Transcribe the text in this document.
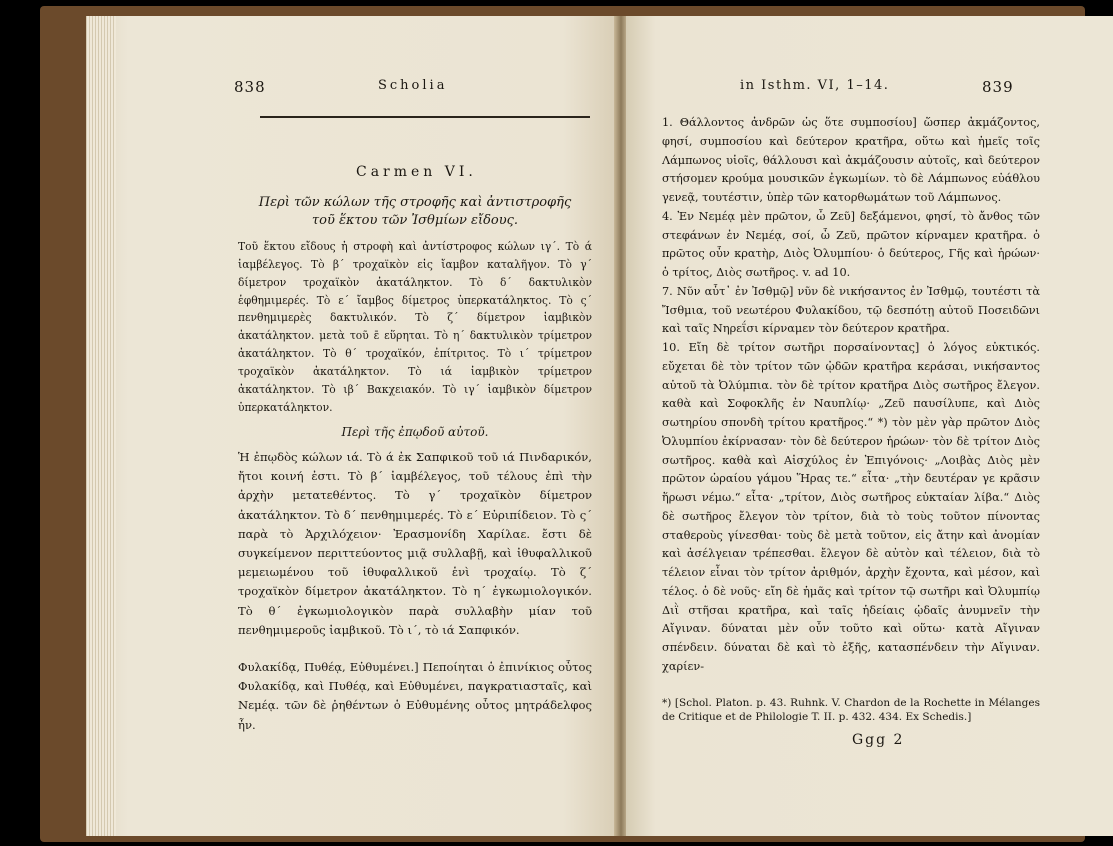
838	Scholia
Carmen VI.
Περὶ τῶν κώλων τῆς στροφῆς καὶ ἀντιστροφῆς
τοῦ ἕκτου τῶν Ἰσθμίων εἴδους.
Τοῦ ἕκτου εἴδους ἡ στροφὴ καὶ ἀντίστροφος κώλων ιγ΄. Τὸ ά ἰαμβέλεγος. Τὸ β΄ τροχαϊκὸν εἰς ἴαμβον καταλῆγον. Τὸ γ΄ δίμετρον τροχαϊκὸν ἀκατάληκτον. Τὸ δ΄ δακτυλικὸν ἑφθημιμερές. Τὸ ε΄ ἴαμβος δίμετρος ὑπερκατάληκτος. Τὸ ς΄ πενθημιμερὲς δακτυλικόν. Τὸ ζ΄ δίμετρον ἰαμβικὸν ἀκατάληκτον. μετὰ τοῦ ε̄ εὕρηται. Τὸ η΄ δακτυλικὸν τρίμετρον ἀκατάληκτον. Τὸ θ΄ τροχαϊκόν, ἐπίτριτος. Τὸ ι΄ τρίμετρον τροχαϊκὸν ἀκατάληκτον. Τὸ ιά ἰαμβικὸν τρίμετρον ἀκατάληκτον. Τὸ ιβ΄ Βακχειακόν. Τὸ ιγ΄ ἰαμβικὸν δίμετρον ὑπερκατάληκτον.
Περὶ τῆς ἐπῳδοῦ αὐτοῦ.
Ἡ ἐπῳδὸς κώλων ιά. Τὸ ά ἐκ Σαπφικοῦ τοῦ ιά Πινδαρικόν, ἤτοι κοινή ἐστι. Τὸ β΄ ἰαμβέλεγος, τοῦ τέλους ἐπὶ τὴν ἀρχὴν μετατεθέντος. Τὸ γ΄ τροχαϊκὸν δίμετρον ἀκατάληκτον. Τὸ δ΄ πενθημιμερές. Τὸ ε΄ Εὐριπίδειον. Τὸ ς΄ παρὰ τὸ Ἀρχιλόχειον· Ἐρασμονίδη Χαρίλαε. ἔστι δὲ συγκείμενον περιττεύοντος μιᾷ συλλαβῇ, καὶ ἰθυφαλλικοῦ μεμειωμένου τοῦ ἰθυφαλλικοῦ ἑνὶ τροχαίῳ. Τὸ ζ΄ τροχαϊκὸν δίμετρον ἀκατάληκτον. Τὸ η΄ ἐγκωμιολογικόν. Τὸ θ΄ ἐγκωμιολογικὸν παρὰ συλλαβὴν μίαν τοῦ πενθημιμεροῦς ἰαμβικοῦ. Τὸ ι΄, τὸ ιά Σαπφικόν.
Φυλακίδᾳ, Πυθέᾳ, Εὐθυμένει.] Πεποίηται ὁ ἐπινίκιος οὗτος Φυλακίδᾳ, καὶ Πυθέᾳ, καὶ Εὐθυμένει, παγκρατιασταῖς, καὶ Νεμέᾳ. τῶν δὲ ῥηθέντων ὁ Εὐθυμένης οὗτος μητράδελφος ἦν.
in Isthm. VI, 1–14.	839
1. Θάλλοντος ἀνδρῶν ὡς ὅτε συμποσίου] ὥσπερ ἀκμάζοντος, φησί, συμποσίου καὶ δεύτερον κρατῆρα, οὕτω καὶ ἡμεῖς τοῖς Λάμπωνος υἱοῖς, θάλλουσι καὶ ἀκμάζουσιν αὐτοῖς, καὶ δεύτερον στήσομεν κρούμα μουσικῶν ἐγκωμίων. τὸ δὲ Λάμπωνος εὐάθλου γενεᾷ, τουτέστιν, ὑπὲρ τῶν κατορθωμάτων τοῦ Λάμπωνος.
4. Ἐν Νεμέᾳ μὲν πρῶτον, ὦ Ζεῦ] δεξάμενοι, φησί, τὸ ἄνθος τῶν στεφάνων ἐν Νεμέᾳ, σοί, ὦ Ζεῦ, πρῶτον κίρναμεν κρατῆρα. ὁ πρῶτος οὖν κρατὴρ, Διὸς Ὀλυμπίου· ὁ δεύτερος, Γῆς καὶ ἡρώων· ὁ τρίτος, Διὸς σωτῆρος. v. ad 10.
7. Νῦν αὖτ᾽ ἐν Ἰσθμῷ] νῦν δὲ νικήσαντος ἐν Ἰσθμῷ, τουτέστι τὰ Ἴσθμια, τοῦ νεωτέρου Φυλακίδου, τῷ δεσπότῃ αὐτοῦ Ποσειδῶνι καὶ ταῖς Νηρεΐσι κίρναμεν τὸν δεύτερον κρατῆρα.
10. Εἴη δὲ τρίτον σωτῆρι πορσαίνοντας] ὁ λόγος εὐκτικός. εὔχεται δὲ τὸν τρίτον τῶν ᾠδῶν κρατῆρα κεράσαι, νικήσαντος αὐτοῦ τὰ Ὀλύμπια. τὸν δὲ τρίτον κρατῆρα Διὸς σωτῆρος ἔλεγον. καθὰ καὶ Σοφοκλῆς ἐν Ναυπλίῳ· „Ζεῦ παυσίλυπε, καὶ Διὸς σωτηρίου σπονδὴ τρίτου κρατῆρος.“ *) τὸν μὲν γὰρ πρῶτον Διὸς Ὀλυμπίου ἐκίρνασαν· τὸν δὲ δεύτερον ἡρώων· τὸν δὲ τρίτον Διὸς σωτῆρος. καθὰ καὶ Αἰσχύλος ἐν Ἐπιγόνοις· „Λοιβὰς Διὸς μὲν πρῶτον ὡραίου γάμου Ἥρας τε.“ εἶτα· „τὴν δευτέραν γε κρᾶσιν ἥρωσι νέμω.“ εἶτα· „τρίτον, Διὸς σωτῆρος εὐκταίαν λίβα.“ Διὸς δὲ σωτῆρος ἔλεγον τὸν τρίτον, διὰ τὸ τοὺς τοῦτον πίνοντας σταθεροὺς γίνεσθαι· τοὺς δὲ μετὰ τοῦτον, εἰς ἄτην καὶ ἀνομίαν καὶ ἀσέλγειαν τρέπεσθαι. ἔλεγον δὲ αὐτὸν καὶ τέλειον, διὰ τὸ τέλειον εἶναι τὸν τρίτον ἀριθμόν, ἀρχὴν ἔχοντα, καὶ μέσον, καὶ τέλος. ὁ δὲ νοῦς· εἴη δὲ ἡμᾶς καὶ τρίτον τῷ σωτῆρι καὶ Ὀλυμπίῳ Διῒ στῆσαι κρατῆρα, καὶ ταῖς ἡδείαις ᾠδαῖς ἀνυμνεῖν τὴν Αἴγιναν. δύναται μὲν οὖν τοῦτο καὶ οὕτω· κατὰ Αἴγιναν σπένδειν. δύναται δὲ καὶ τὸ ἑξῆς, κατασπένδειν τὴν Αἴγιναν. χαρίεν-
*) [Schol. Platon. p. 43. Ruhnk. V. Chardon de la Rochette in Mélanges de Critique et de Philologie T. II. p. 432. 434. Ex Schedis.]
Ggg 2
